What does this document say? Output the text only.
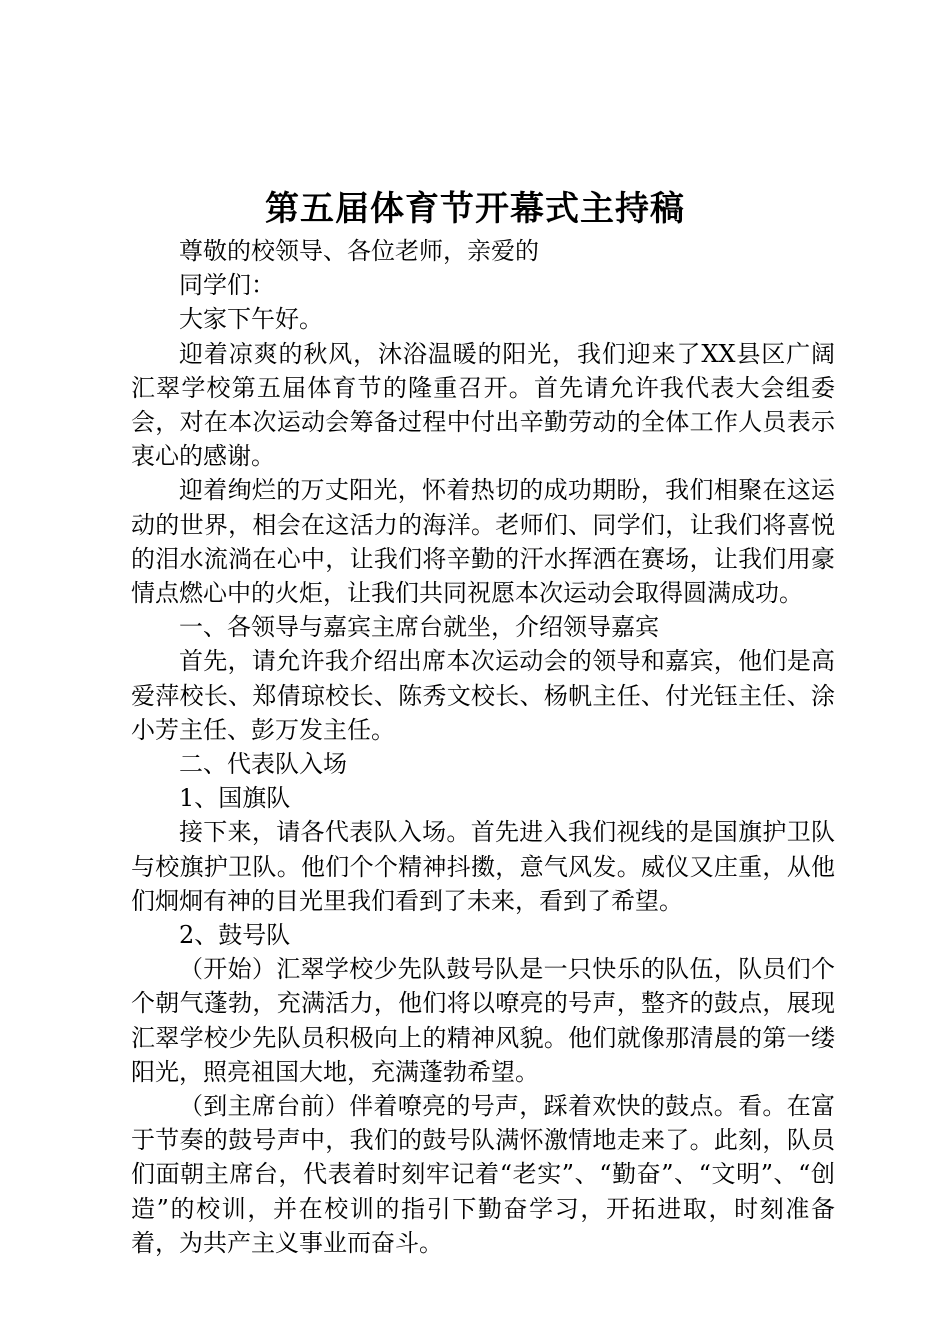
第五届体育节开幕式主持稿

尊敬的校领导、各位老师，亲爱的

同学们：

大家下午好。

迎着凉爽的秋风，沐浴温暖的阳光，我们迎来了XX县区广阔汇翠学校第五届体育节的隆重召开。首先请允许我代表大会组委会，对在本次运动会筹备过程中付出辛勤劳动的全体工作人员表示衷心的感谢。

迎着绚烂的万丈阳光，怀着热切的成功期盼，我们相聚在这运动的世界，相会在这活力的海洋。老师们、同学们，让我们将喜悦的泪水流淌在心中，让我们将辛勤的汗水挥洒在赛场，让我们用豪情点燃心中的火炬，让我们共同祝愿本次运动会取得圆满成功。

一、各领导与嘉宾主席台就坐，介绍领导嘉宾

首先，请允许我介绍出席本次运动会的领导和嘉宾，他们是高爱萍校长、郑倩琼校长、陈秀文校长、杨帆主任、付光钰主任、涂小芳主任、彭万发主任。

二、代表队入场

1、国旗队

接下来，请各代表队入场。首先进入我们视线的是国旗护卫队与校旗护卫队。他们个个精神抖擞，意气风发。威仪又庄重，从他们炯炯有神的目光里我们看到了未来，看到了希望。

2、鼓号队

（开始）汇翠学校少先队鼓号队是一只快乐的队伍，队员们个个朝气蓬勃，充满活力，他们将以嘹亮的号声，整齐的鼓点，展现汇翠学校少先队员积极向上的精神风貌。他们就像那清晨的第一缕阳光，照亮祖国大地，充满蓬勃希望。

（到主席台前）伴着嘹亮的号声，踩着欢快的鼓点。看。在富于节奏的鼓号声中，我们的鼓号队满怀激情地走来了。此刻，队员们面朝主席台，代表着时刻牢记着“老实”、“勤奋”、“文明”、“创造”的校训，并在校训的指引下勤奋学习，开拓进取，时刻准备着，为共产主义事业而奋斗。
